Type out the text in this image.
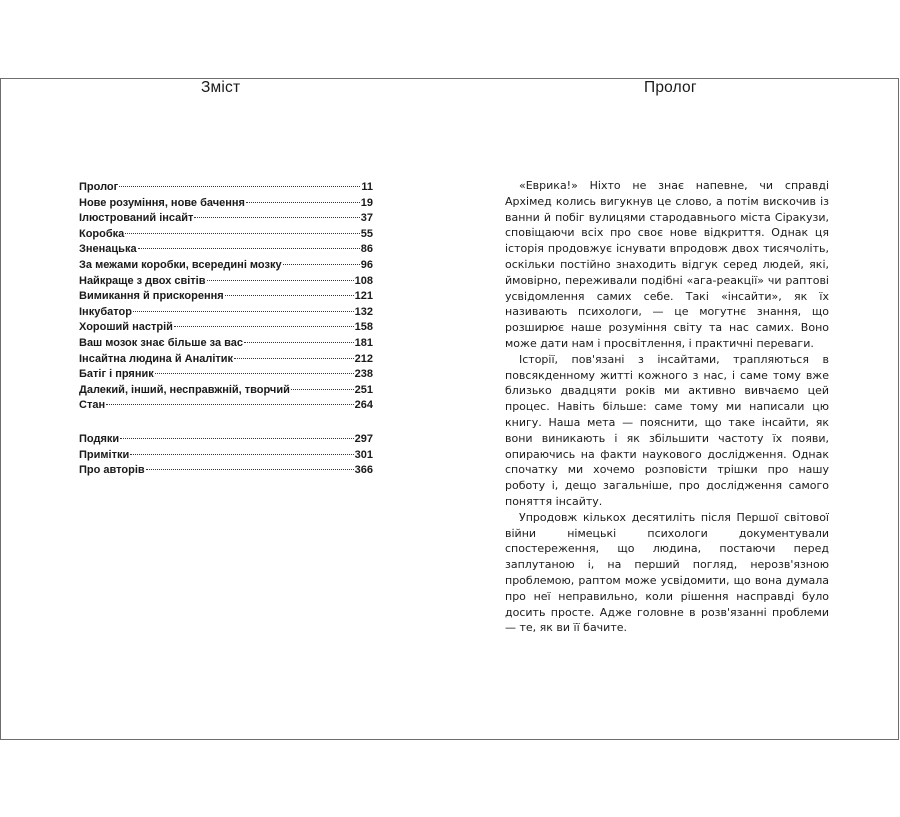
Зміст	Пролог
Пролог	11
Нове розуміння, нове бачення	19
Ілюстрований інсайт	37
Коробка	55
Зненацька	86
За межами коробки, всередині мозку	96
Найкраще з двох світів	108
Вимикання й прискорення	121
Інкубатор	132
Хороший настрій	158
Ваш мозок знає більше за вас	181
Інсайтна людина й Аналітик	212
Батіг і пряник	238
Далекий, інший, несправжній, творчий	251
Стан	264
Подяки	297
Примітки	301
Про авторів	366

«Еврика!» Ніхто не знає напевне, чи справді Архімед колись вигукнув це слово, а потім вискочив із ванни й побіг вулицями стародавнього міста Сіракузи, сповіщаючи всіх про своє нове відкриття. Однак ця історія продовжує існувати впродовж двох тисячоліть, оскільки постійно знаходить відгук серед людей, які, ймовірно, переживали подібні «ага-реакції» чи раптові усвідомлення самих себе. Такі «інсайти», як їх називають психологи, — це могутнє знання, що розширює наше розуміння світу та нас самих. Воно може дати нам і просвітлення, і практичні переваги.

Історії, пов'язані з інсайтами, трапляються в повсякденному житті кожного з нас, і саме тому вже близько двадцяти років ми активно вивчаємо цей процес. Навіть більше: саме тому ми написали цю книгу. Наша мета — пояснити, що таке інсайти, як вони виникають і як збільшити частоту їх появи, опираючись на факти наукового дослідження. Однак спочатку ми хочемо розповісти трішки про нашу роботу і, дещо загальніше, про дослідження самого поняття інсайту.

Упродовж кількох десятиліть після Першої світової війни німецькі психологи документували спостереження, що людина, постаючи перед заплутаною і, на перший погляд, нерозв'язною проблемою, раптом може усвідомити, що вона думала про неї неправильно, коли рішення насправді було досить просте. Адже головне в розв'язанні проблеми — те, як ви її бачите.
